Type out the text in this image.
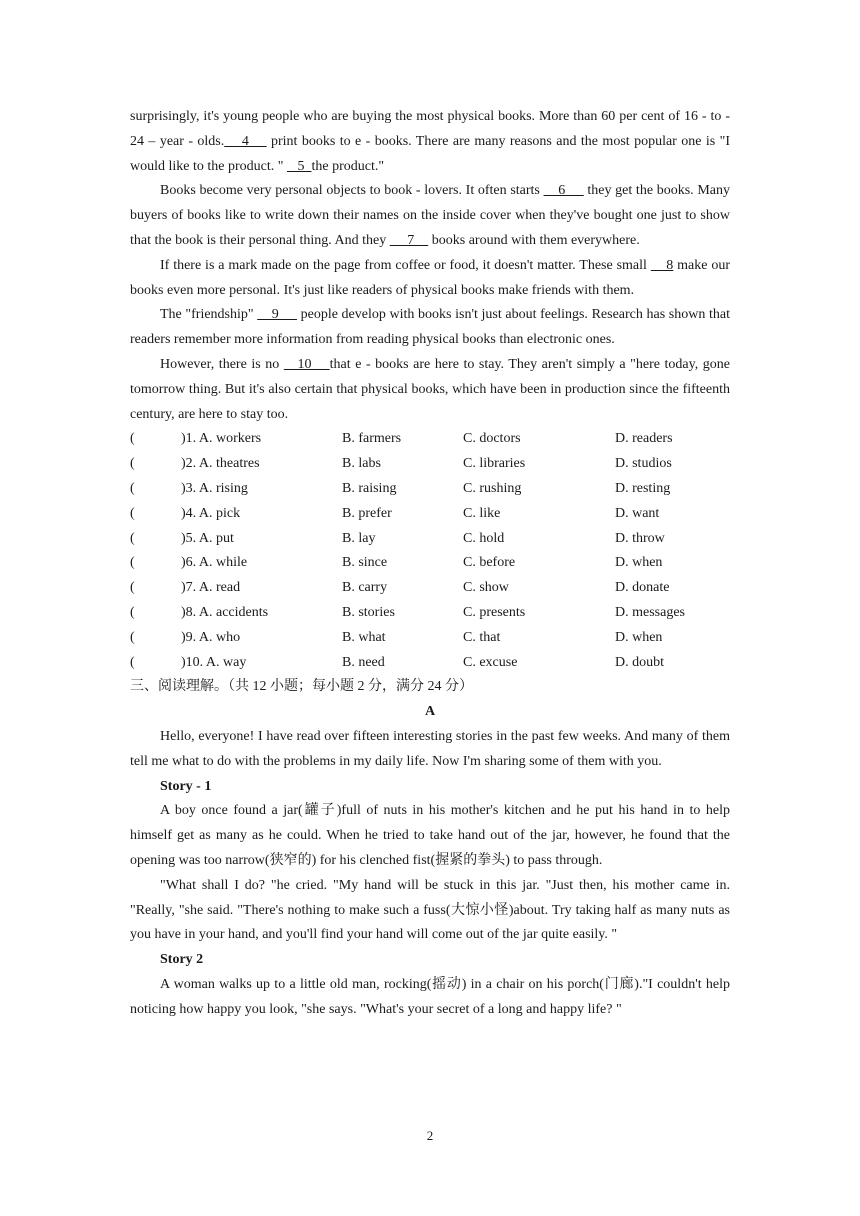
surprisingly, it's young people who are buying the most physical books. More than 60 per cent of 16 - to - 24 – year - olds.    4     print books to e - books. There are many reasons and the most popular one is "I would like to the product. "    5  the product."

Books become very personal objects to book - lovers. It often starts     6      they get the books. Many buyers of books like to write down their names on the inside cover when they've bought one just to show that the book is their personal thing. And they      7     books around with them everywhere.

If there is a mark made on the page from coffee or food, it doesn't matter. These small     8 make our books even more personal. It's just like readers of physical books make friends with them.

The "friendship"     9      people develop with books isn't just about feelings. Research has shown that readers remember more information from reading physical books than electronic ones.

However, there is no    10    that e - books are here to stay. They aren't simply a "here today, gone tomorrow thing. But it's also certain that physical books, which have been in production since the fifteenth century, are here to stay too.

(	)1. A. workers	B. farmers	C. doctors	D. readers
(	)2. A. theatres	B. labs	C. libraries	D. studios
(	)3. A. rising	B. raising	C. rushing	D. resting
(	)4. A. pick	B. prefer	C. like	D. want
(	)5. A. put	B. lay	C. hold	D. throw
(	)6. A. while	B. since	C. before	D. when
(	)7. A. read	B. carry	C. show	D. donate
(	)8. A. accidents	B. stories	C. presents	D. messages
(	)9. A. who	B. what	C. that	D. when
(	)10. A. way	B. need	C. excuse	D. doubt
三、阅读理解。（共 12 小题；每小题 2 分，满分 24 分）
A

Hello, everyone! I have read over fifteen interesting stories in the past few weeks. And many of them tell me what to do with the problems in my daily life. Now I'm sharing some of them with you.

Story - 1

A boy once found a jar(罐子)full of nuts in his mother's kitchen and he put his hand in to help himself get as many as he could. When he tried to take hand out of the jar, however, he found that the opening was too narrow(狭窄的) for his clenched fist(握紧的拳头) to pass through.

"What shall I do? "he cried. "My hand will be stuck in this jar. "Just then, his mother came in. "Really, "she said. "There's nothing to make such a fuss(大惊小怪)about. Try taking half as many nuts as you have in your hand, and you'll find your hand will come out of the jar quite easily. "

Story 2

A woman walks up to a little old man, rocking(摇动) in a chair on his porch(门廊)."I couldn't help noticing how happy you look, "she says. "What's your secret of a long and happy life? "

2
